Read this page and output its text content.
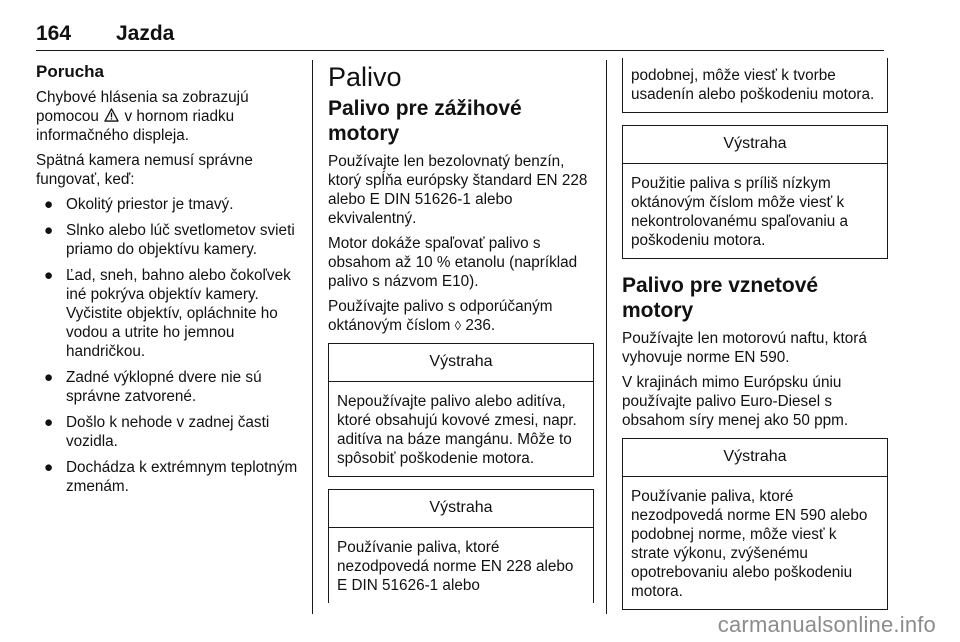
164 Jazda
Porucha

Chybové hlásenia sa zobrazujú pomocou v hornom riadku informačného displeja.

Spätná kamera nemusí správne fungovať, keď:

● Okolitý priestor je tmavý.
● Slnko alebo lúč svetlometov svieti priamo do objektívu kamery.
● Ľad, sneh, bahno alebo čokoľvek iné pokrýva objektív kamery. Vyčistite objektív, opláchnite ho vodou a utrite ho jemnou handričkou.
● Zadné výklopné dvere nie sú správne zatvorené.
● Došlo k nehode v zadnej časti vozidla.
● Dochádza k extrémnym teplotným zmenám.
Palivo
Palivo pre zážihové motory

Používajte len bezolovnatý benzín, ktorý spĺňa európsky štandard EN 228 alebo E DIN 51626-1 alebo ekvivalentný.

Motor dokáže spaľovať palivo s obsahom až 10 % etanolu (napríklad palivo s názvom E10).

Používajte palivo s odporúčaným oktánovým číslom ◊ 236.

Výstraha
Nepoužívajte palivo alebo aditíva, ktoré obsahujú kovové zmesi, napr. aditíva na báze mangánu. Môže to spôsobiť poškodenie motora.
Výstraha
Používanie paliva, ktoré nezodpovedá norme EN 228 alebo E DIN 51626-1 alebo
podobnej, môže viesť k tvorbe usadenín alebo poškodeniu motora.
Výstraha
Použitie paliva s príliš nízkym oktánovým číslom môže viesť k nekontrolovanému spaľovaniu a poškodeniu motora.
Palivo pre vznetové motory

Používajte len motorovú naftu, ktorá vyhovuje norme EN 590.

V krajinách mimo Európsku úniu používajte palivo Euro-Diesel s obsahom síry menej ako 50 ppm.

Výstraha
Používanie paliva, ktoré nezodpovedá norme EN 590 alebo podobnej norme, môže viesť k strate výkonu, zvýšenému opotrebovaniu alebo poškodeniu motora.
carmanualsonline.info
